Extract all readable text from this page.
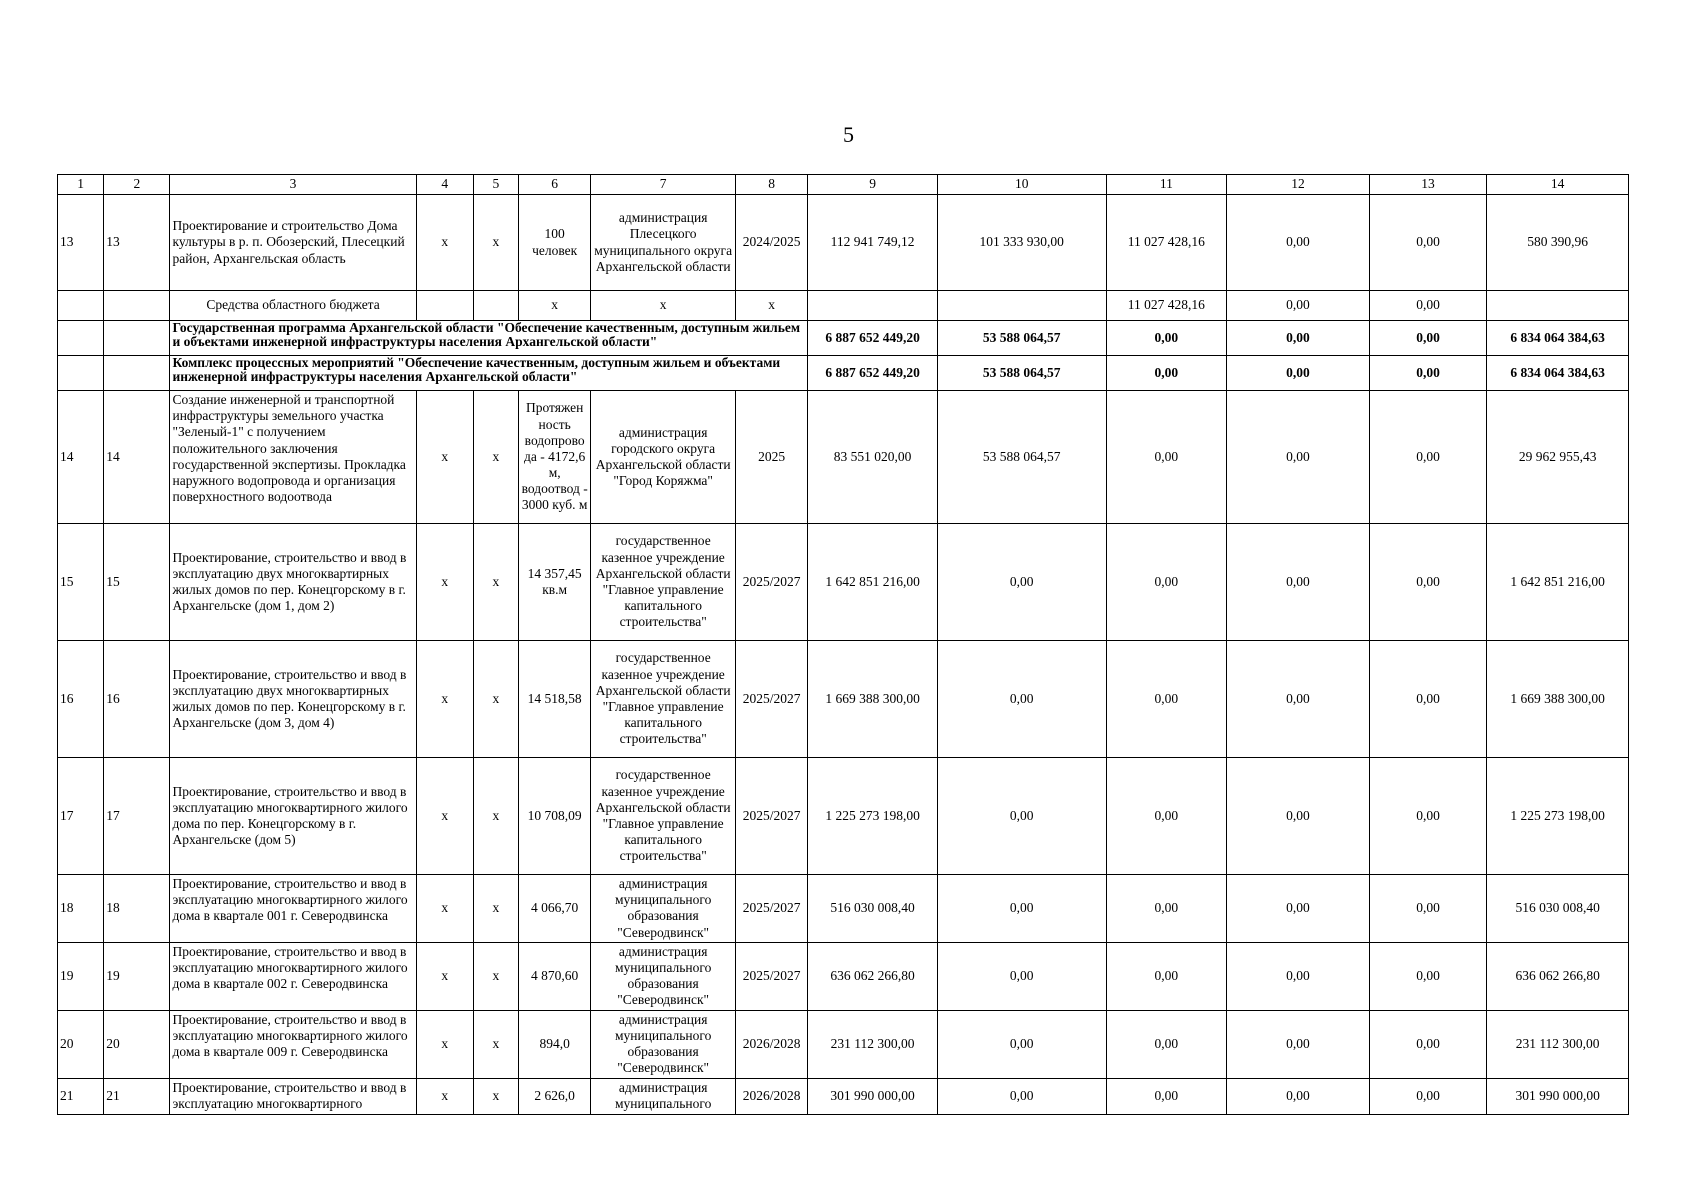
5
1	2	3	4	5	6	7	8	9	10	11	12	13	14
13	13	Проектирование и строительство Дома культуры в р. п. Обозерский, Плесецкий район, Архангельская область	х	х	100 человек	администрация Плесецкого муниципального округа Архангельской области	2024/2025	112 941 749,12	101 333 930,00	11 027 428,16	0,00	0,00	580 390,96
		Средства областного бюджета			х	х	х			11 027 428,16	0,00	0,00	
		Государственная программа Архангельской области "Обеспечение качественным, доступным жильем и объектами инженерной инфраструктуры населения Архангельской области"						6 887 652 449,20	53 588 064,57	0,00	0,00	0,00	6 834 064 384,63
		Комплекс процессных мероприятий "Обеспечение качественным, доступным жильем и объектами инженерной инфраструктуры населения Архангельской области"						6 887 652 449,20	53 588 064,57	0,00	0,00	0,00	6 834 064 384,63
14	14	Создание инженерной и транспортной инфраструктуры земельного участка "Зеленый-1" с получением положительного заключения государственной экспертизы. Прокладка наружного водопровода и организация поверхностного водоотвода	х	х	Протяжен ность водопрово да - 4172,6 м, водоотвод - 3000 куб. м	администрация городского округа Архангельской области "Город Коряжма"	2025	83 551 020,00	53 588 064,57	0,00	0,00	0,00	29 962 955,43
15	15	Проектирование, строительство и ввод в эксплуатацию двух многоквартирных жилых домов по пер. Конецгорскому в г. Архангельске (дом 1, дом 2)	х	х	14 357,45 кв.м	государственное казенное учреждение Архангельской области "Главное управление капитального строительства"	2025/2027	1 642 851 216,00	0,00	0,00	0,00	0,00	1 642 851 216,00
16	16	Проектирование, строительство и ввод в эксплуатацию двух многоквартирных жилых домов по пер. Конецгорскому в г. Архангельске (дом 3, дом 4)	х	х	14 518,58	государственное казенное учреждение Архангельской области "Главное управление капитального строительства"	2025/2027	1 669 388 300,00	0,00	0,00	0,00	0,00	1 669 388 300,00
17	17	Проектирование, строительство и ввод в эксплуатацию многоквартирного жилого дома по пер. Конецгорскому в г. Архангельске (дом 5)	х	х	10 708,09	государственное казенное учреждение Архангельской области "Главное управление капитального строительства"	2025/2027	1 225 273 198,00	0,00	0,00	0,00	0,00	1 225 273 198,00
18	18	Проектирование, строительство и ввод в эксплуатацию многоквартирного жилого дома в квартале 001 г. Северодвинска	х	х	4 066,70	администрация муниципального образования "Северодвинск"	2025/2027	516 030 008,40	0,00	0,00	0,00	0,00	516 030 008,40
19	19	Проектирование, строительство и ввод в эксплуатацию многоквартирного жилого дома в квартале 002 г. Северодвинска	х	х	4 870,60	администрация муниципального образования "Северодвинск"	2025/2027	636 062 266,80	0,00	0,00	0,00	0,00	636 062 266,80
20	20	Проектирование, строительство и ввод в эксплуатацию многоквартирного жилого дома в квартале 009 г. Северодвинска	х	х	894,0	администрация муниципального образования "Северодвинск"	2026/2028	231 112 300,00	0,00	0,00	0,00	0,00	231 112 300,00
21	21	Проектирование, строительство и ввод в эксплуатацию многоквартирного	х	х	2 626,0	администрация муниципального	2026/2028	301 990 000,00	0,00	0,00	0,00	0,00	301 990 000,00
